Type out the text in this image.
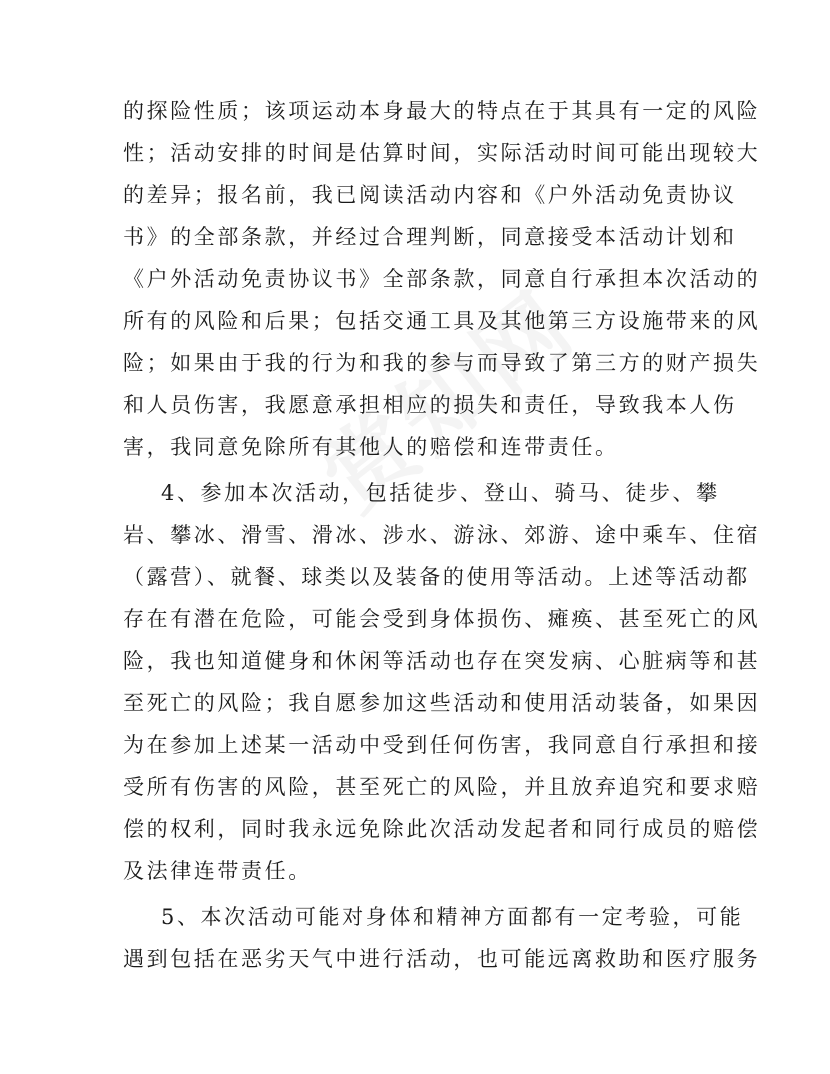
的探险性质；该项运动本身最大的特点在于其具有一定的风险
性；活动安排的时间是估算时间，实际活动时间可能出现较大
的差异；报名前，我已阅读活动内容和《户外活动免责协议
书》的全部条款，并经过合理判断，同意接受本活动计划和
《户外活动免责协议书》全部条款，同意自行承担本次活动的
所有的风险和后果；包括交通工具及其他第三方设施带来的风
险；如果由于我的行为和我的参与而导致了第三方的财产损失
和人员伤害，我愿意承担相应的损失和责任，导致我本人伤
害，我同意免除所有其他人的赔偿和连带责任。
4、参加本次活动，包括徒步、登山、骑马、徒步、攀
岩、攀冰、滑雪、滑冰、涉水、游泳、郊游、途中乘车、住宿
（露营）、就餐、球类以及装备的使用等活动。上述等活动都
存在有潜在危险，可能会受到身体损伤、瘫痪、甚至死亡的风
险，我也知道健身和休闲等活动也存在突发病、心脏病等和甚
至死亡的风险；我自愿参加这些活动和使用活动装备，如果因
为在参加上述某一活动中受到任何伤害，我同意自行承担和接
受所有伤害的风险，甚至死亡的风险，并且放弃追究和要求赔
偿的权利，同时我永远免除此次活动发起者和同行成员的赔偿
及法律连带责任。
5、本次活动可能对身体和精神方面都有一定考验，可能
遇到包括在恶劣天气中进行活动，也可能远离救助和医疗服务
